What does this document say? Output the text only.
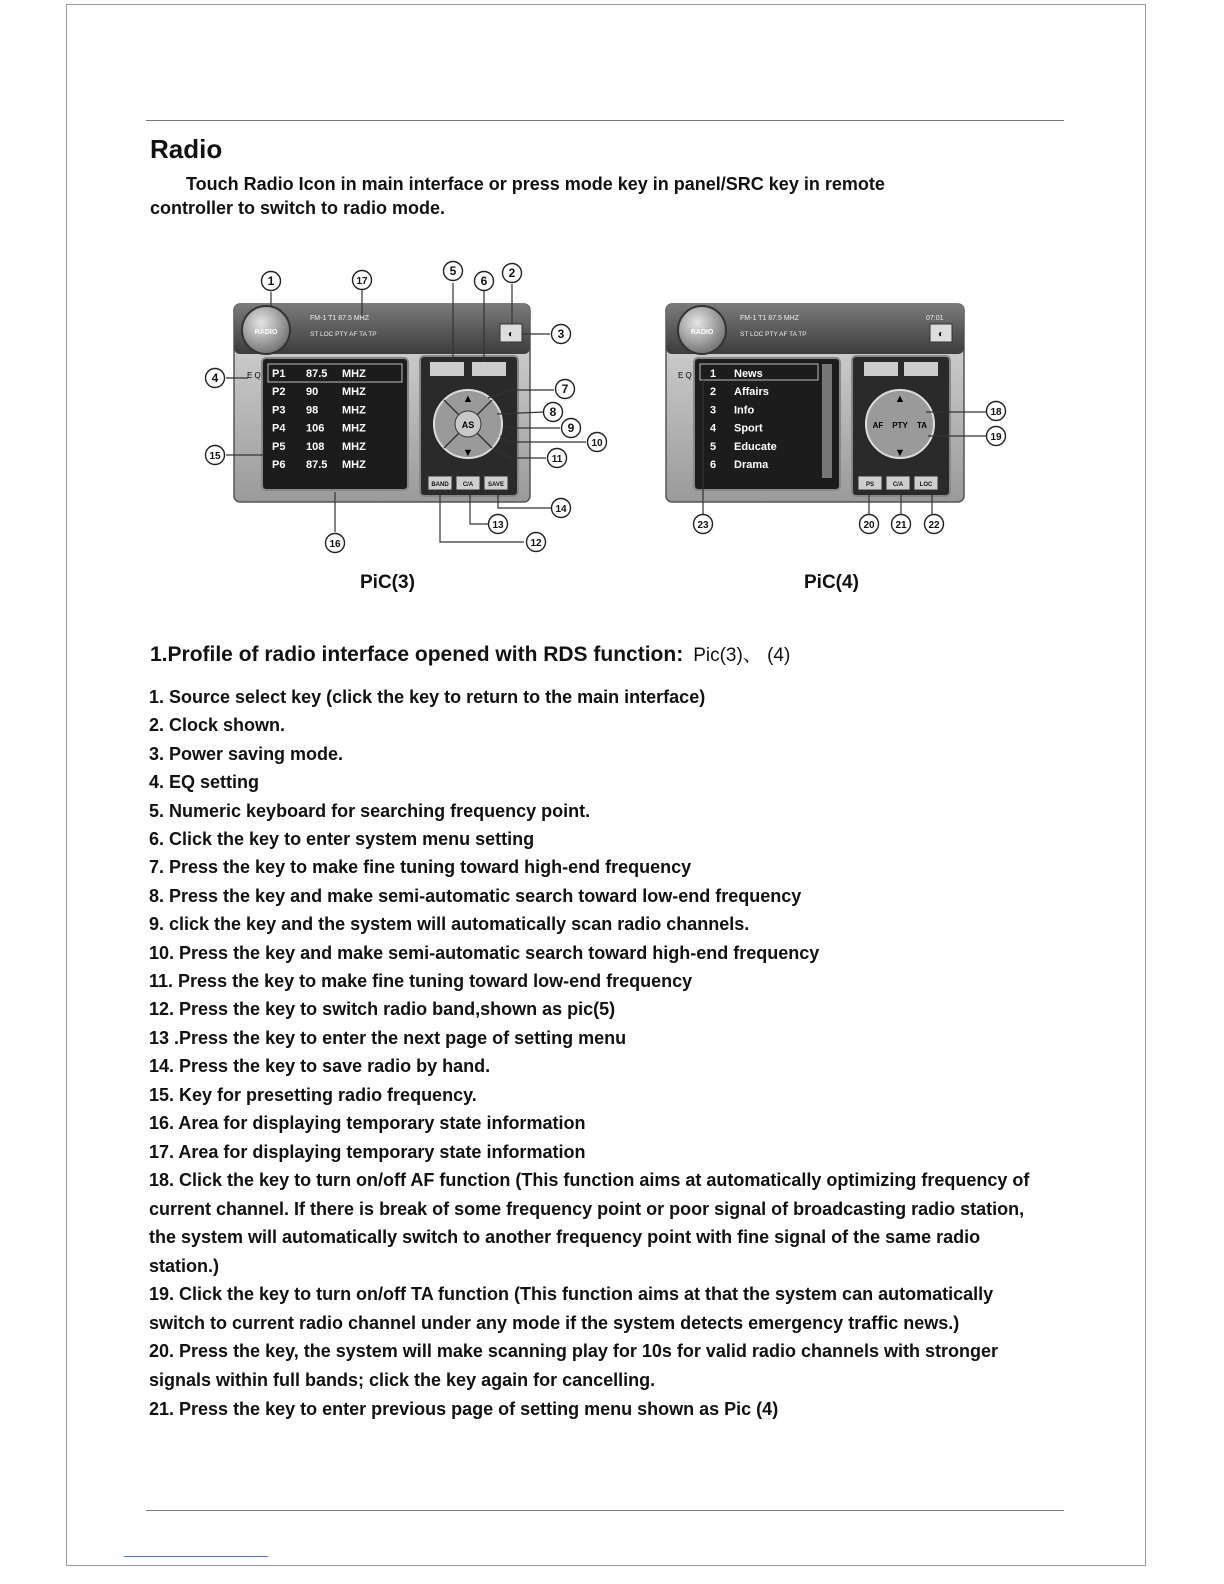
Radio
Touch Radio Icon in main interface or press mode key in panel/SRC key in remote
controller to switch to radio mode.
RADIO
FM-1 T1 87.5 MHZ
ST LOC PTY AF TA TP	◐
E Q P1 87.5 MHZ
P2 90 MHZ
P3 98 MHZ
P4 106 MHZ
P5 108 MHZ
P6 87.5 MHZ
▲
▼
AS
BAND C/A SAVE
RADIO
FM-1 T1 87.5 MHZ	07:01
ST LOC PTY AF TA TP	◐
E Q 1 News
2 Affairs
3 Info
4 Sport
5 Educate
6 Drama
▲
▼
AF PTY TA
PS	C/A	LOC
1	17
5
6
2
3
4
15
7
8
9
10
11
14
13
12
16
18
19
23	20 21 22
PiC(3)	PiC(4)
1.Profile of radio interface opened with RDS function: Pic(3)、 (4)
1. Source select key (click the key to return to the main interface)
2. Clock shown.
3. Power saving mode.
4. EQ setting
5. Numeric keyboard for searching frequency point.
6. Click the key to enter system menu setting
7. Press the key to make fine tuning toward high-end frequency
8. Press the key and make semi-automatic search toward low-end frequency
9. click the key and the system will automatically scan radio channels.
10. Press the key and make semi-automatic search toward high-end frequency
11. Press the key to make fine tuning toward low-end frequency
12. Press the key to switch radio band,shown as pic(5)
13 .Press the key to enter the next page of setting menu
14. Press the key to save radio by hand.
15. Key for presetting radio frequency.
16. Area for displaying temporary state information
17. Area for displaying temporary state information
18. Click the key to turn on/off AF function (This function aims at automatically optimizing frequency of current channel. If there is break of some frequency point or poor signal of broadcasting radio station, the system will automatically switch to another frequency point with fine signal of the same radio station.)
19. Click the key to turn on/off TA function (This function aims at that the system can automatically switch to current radio channel under any mode if the system detects emergency traffic news.)
20. Press the key, the system will make scanning play for 10s for valid radio channels with stronger signals within full bands; click the key again for cancelling.
21. Press the key to enter previous page of setting menu shown as Pic (4)
